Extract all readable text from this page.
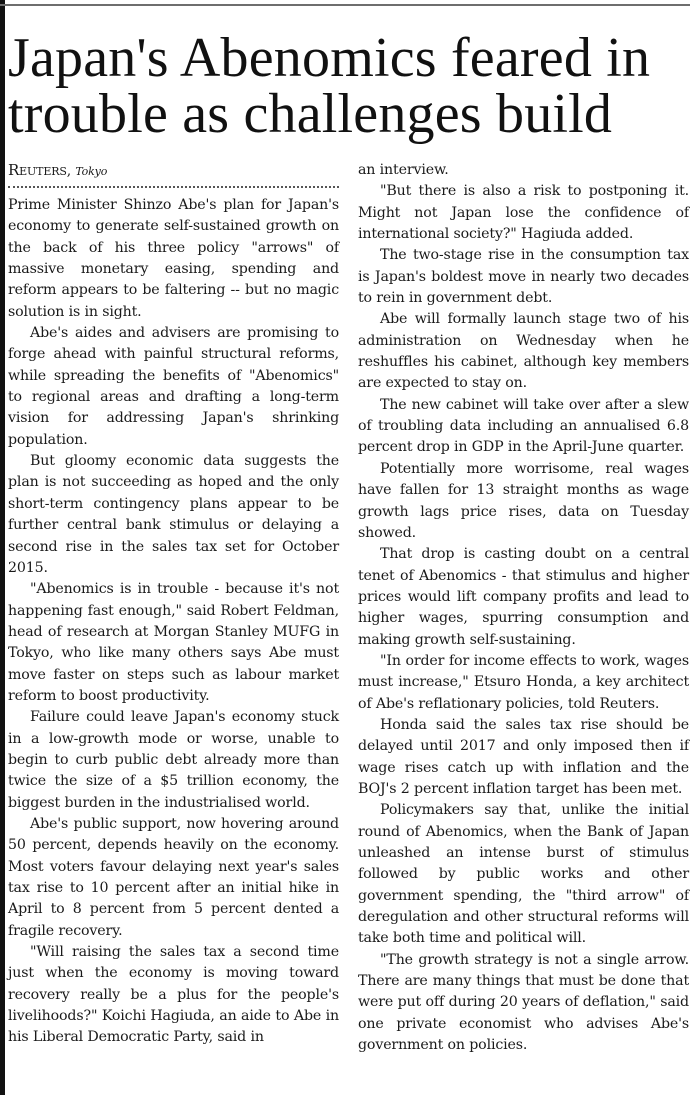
Japan's Abenomics feared in trouble as challenges build
Reuters, Tokyo

Prime Minister Shinzo Abe's plan for Japan's economy to generate self-sustained growth on the back of his three policy "arrows" of massive monetary easing, spending and reform appears to be faltering -- but no magic solution is in sight.

Abe's aides and advisers are promising to forge ahead with painful structural reforms, while spreading the benefits of "Abenomics" to regional areas and drafting a long-term vision for addressing Japan's shrinking population.

But gloomy economic data suggests the plan is not succeeding as hoped and the only short-term contingency plans appear to be further central bank stimulus or delaying a second rise in the sales tax set for October 2015.

"Abenomics is in trouble - because it's not happening fast enough," said Robert Feldman, head of research at Morgan Stanley MUFG in Tokyo, who like many others says Abe must move faster on steps such as labour market reform to boost productivity.

Failure could leave Japan's economy stuck in a low-growth mode or worse, unable to begin to curb public debt already more than twice the size of a $5 trillion economy, the biggest burden in the industrialised world.

Abe's public support, now hovering around 50 percent, depends heavily on the economy. Most voters favour delaying next year's sales tax rise to 10 percent after an initial hike in April to 8 percent from 5 percent dented a fragile recovery.

"Will raising the sales tax a second time just when the economy is moving toward recovery really be a plus for the people's livelihoods?" Koichi Hagiuda, an aide to Abe in his Liberal Democratic Party, said in

an interview.

"But there is also a risk to postponing it. Might not Japan lose the confidence of international society?" Hagiuda added.

The two-stage rise in the consumption tax is Japan's boldest move in nearly two decades to rein in government debt.

Abe will formally launch stage two of his administration on Wednesday when he reshuffles his cabinet, although key members are expected to stay on.

The new cabinet will take over after a slew of troubling data including an annualised 6.8 percent drop in GDP in the April-June quarter.

Potentially more worrisome, real wages have fallen for 13 straight months as wage growth lags price rises, data on Tuesday showed.

That drop is casting doubt on a central tenet of Abenomics - that stimulus and higher prices would lift company profits and lead to higher wages, spurring consumption and making growth self-sustaining.

"In order for income effects to work, wages must increase," Etsuro Honda, a key architect of Abe's reflationary policies, told Reuters.

Honda said the sales tax rise should be delayed until 2017 and only imposed then if wage rises catch up with inflation and the BOJ's 2 percent inflation target has been met.

Policymakers say that, unlike the initial round of Abenomics, when the Bank of Japan unleashed an intense burst of stimulus followed by public works and other government spending, the "third arrow" of deregulation and other structural reforms will take both time and political will.

"The growth strategy is not a single arrow. There are many things that must be done that were put off during 20 years of deflation," said one private economist who advises Abe's government on policies.
